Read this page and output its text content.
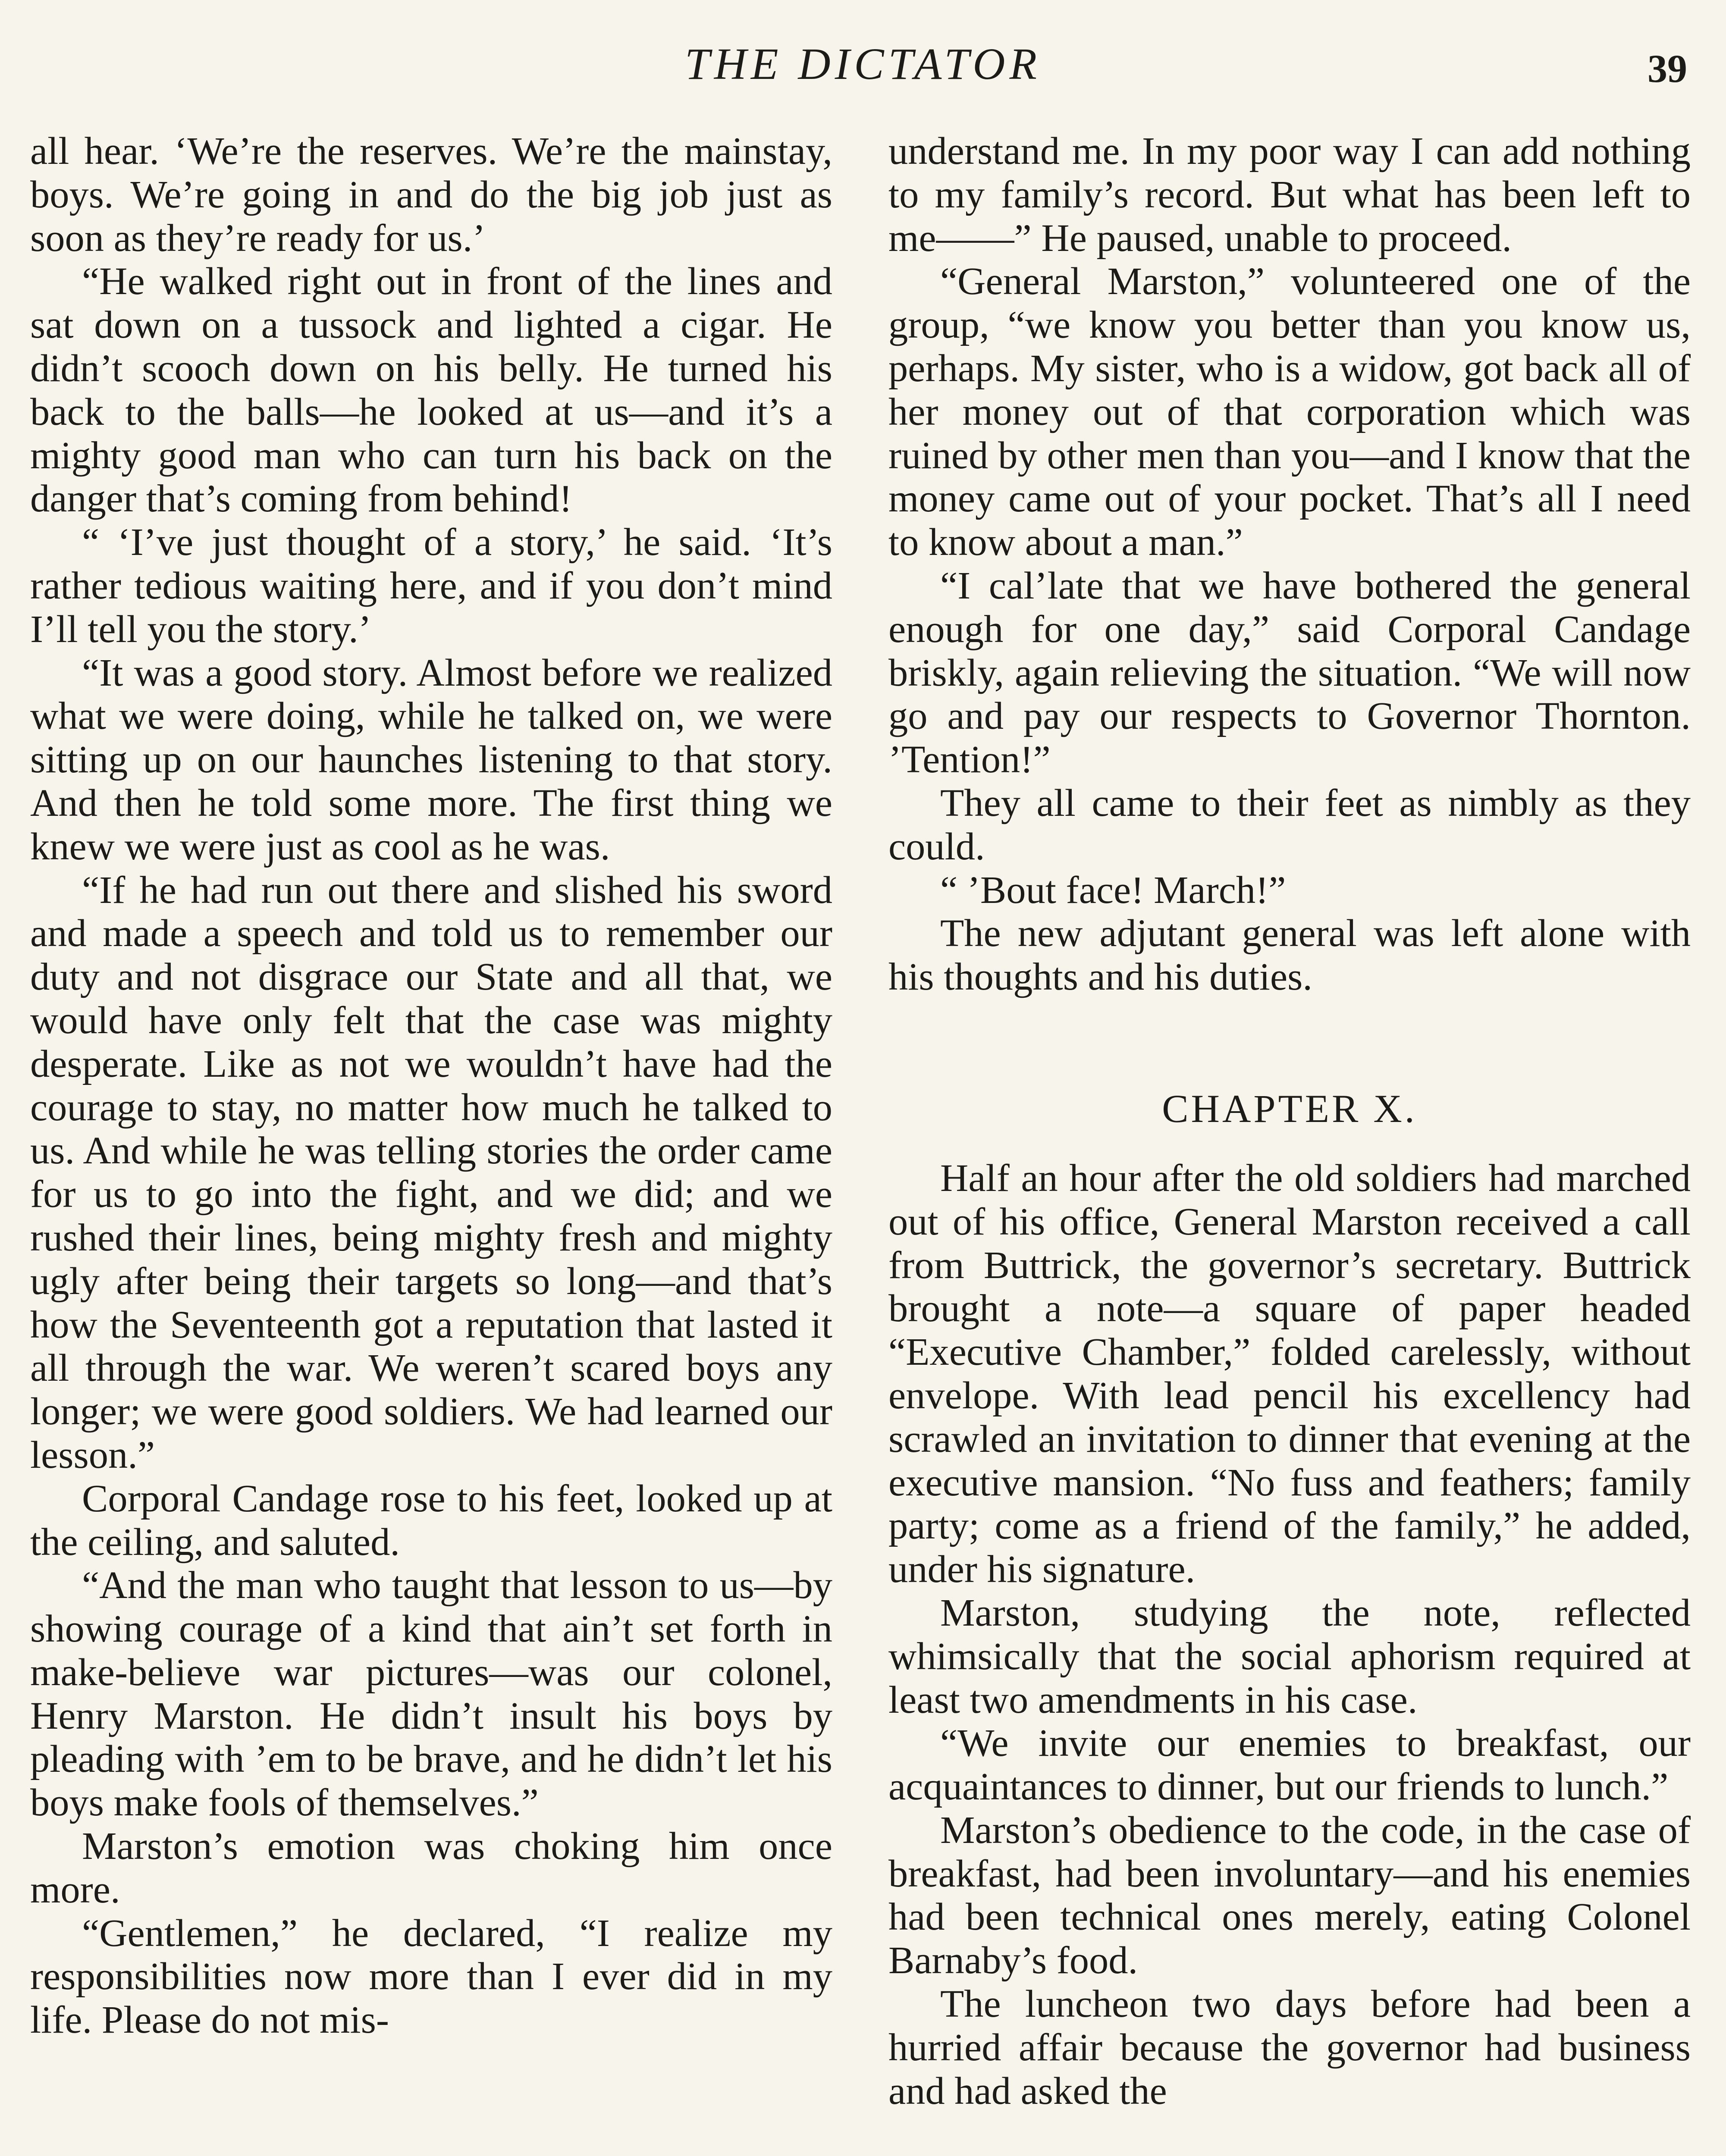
THE DICTATOR	39

all hear. ‘We’re the reserves. We’re the mainstay, boys. We’re going in and do the big job just as soon as they’re ready for us.’

“He walked right out in front of the lines and sat down on a tussock and lighted a cigar. He didn’t scooch down on his belly. He turned his back to the balls—he looked at us—and it’s a mighty good man who can turn his back on the danger that’s coming from behind!

“ ‘I’ve just thought of a story,’ he said. ‘It’s rather tedious waiting here, and if you don’t mind I’ll tell you the story.’

“It was a good story. Almost before we realized what we were doing, while he talked on, we were sitting up on our haunches listening to that story. And then he told some more. The first thing we knew we were just as cool as he was.

“If he had run out there and slished his sword and made a speech and told us to remember our duty and not disgrace our State and all that, we would have only felt that the case was mighty desperate. Like as not we wouldn’t have had the courage to stay, no matter how much he talked to us. And while he was telling stories the order came for us to go into the fight, and we did; and we rushed their lines, being mighty fresh and mighty ugly after being their targets so long—and that’s how the Seventeenth got a reputation that lasted it all through the war. We weren’t scared boys any longer; we were good soldiers. We had learned our lesson.”

Corporal Candage rose to his feet, looked up at the ceiling, and saluted.

“And the man who taught that lesson to us—by showing courage of a kind that ain’t set forth in make-believe war pictures—was our colonel, Henry Marston. He didn’t insult his boys by pleading with ’em to be brave, and he didn’t let his boys make fools of themselves.”

Marston’s emotion was choking him once more.

“Gentlemen,” he declared, “I realize my responsibilities now more than I ever did in my life. Please do not mis-

understand me. In my poor way I can add nothing to my family’s record. But what has been left to me——” He paused, unable to proceed.

“General Marston,” volunteered one of the group, “we know you better than you know us, perhaps. My sister, who is a widow, got back all of her money out of that corporation which was ruined by other men than you—and I know that the money came out of your pocket. That’s all I need to know about a man.”

“I cal’late that we have bothered the general enough for one day,” said Corporal Candage briskly, again relieving the situation. “We will now go and pay our respects to Governor Thornton. ’Tention!”

They all came to their feet as nimbly as they could.

“ ’Bout face! March!”

The new adjutant general was left alone with his thoughts and his duties.

CHAPTER X.

Half an hour after the old soldiers had marched out of his office, General Marston received a call from Buttrick, the governor’s secretary. Buttrick brought a note—a square of paper headed “Executive Chamber,” folded carelessly, without envelope. With lead pencil his excellency had scrawled an invitation to dinner that evening at the executive mansion. “No fuss and feathers; family party; come as a friend of the family,” he added, under his signature.

Marston, studying the note, reflected whimsically that the social aphorism required at least two amendments in his case.

“We invite our enemies to breakfast, our acquaintances to dinner, but our friends to lunch.”

Marston’s obedience to the code, in the case of breakfast, had been involuntary—and his enemies had been technical ones merely, eating Colonel Barnaby’s food.

The luncheon two days before had been a hurried affair because the governor had business and had asked the
